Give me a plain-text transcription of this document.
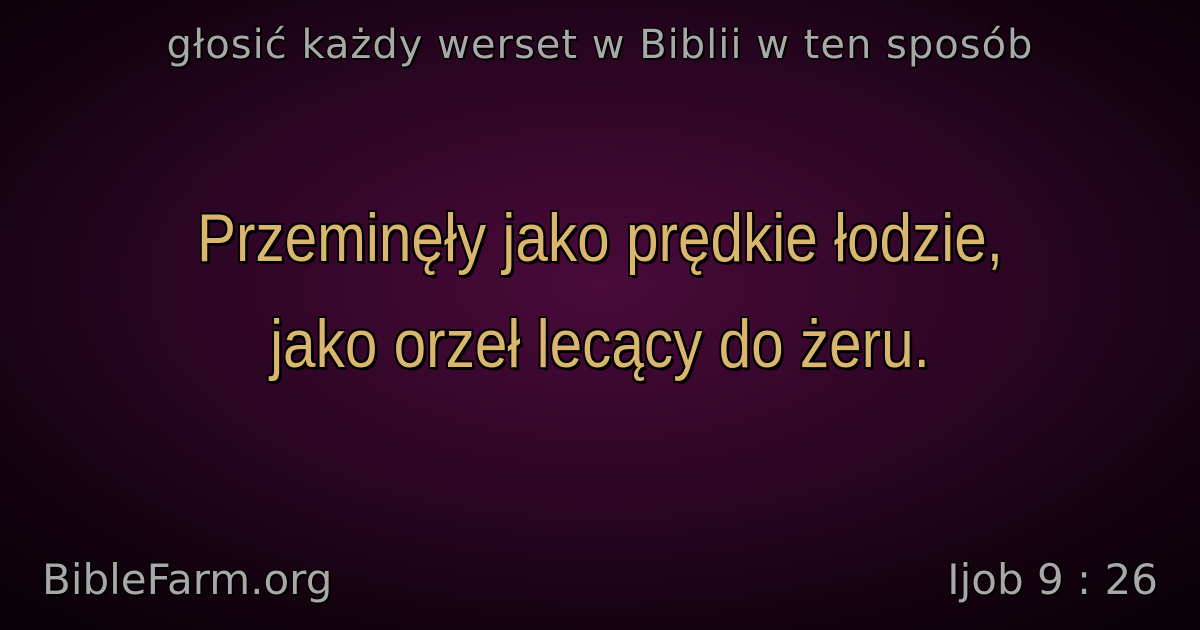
głosić każdy werset w Biblii w ten sposób
Przeminęły jako prędkie łodzie,
jako orzeł lecący do żeru.
BibleFarm.org	Ijob 9 : 26
